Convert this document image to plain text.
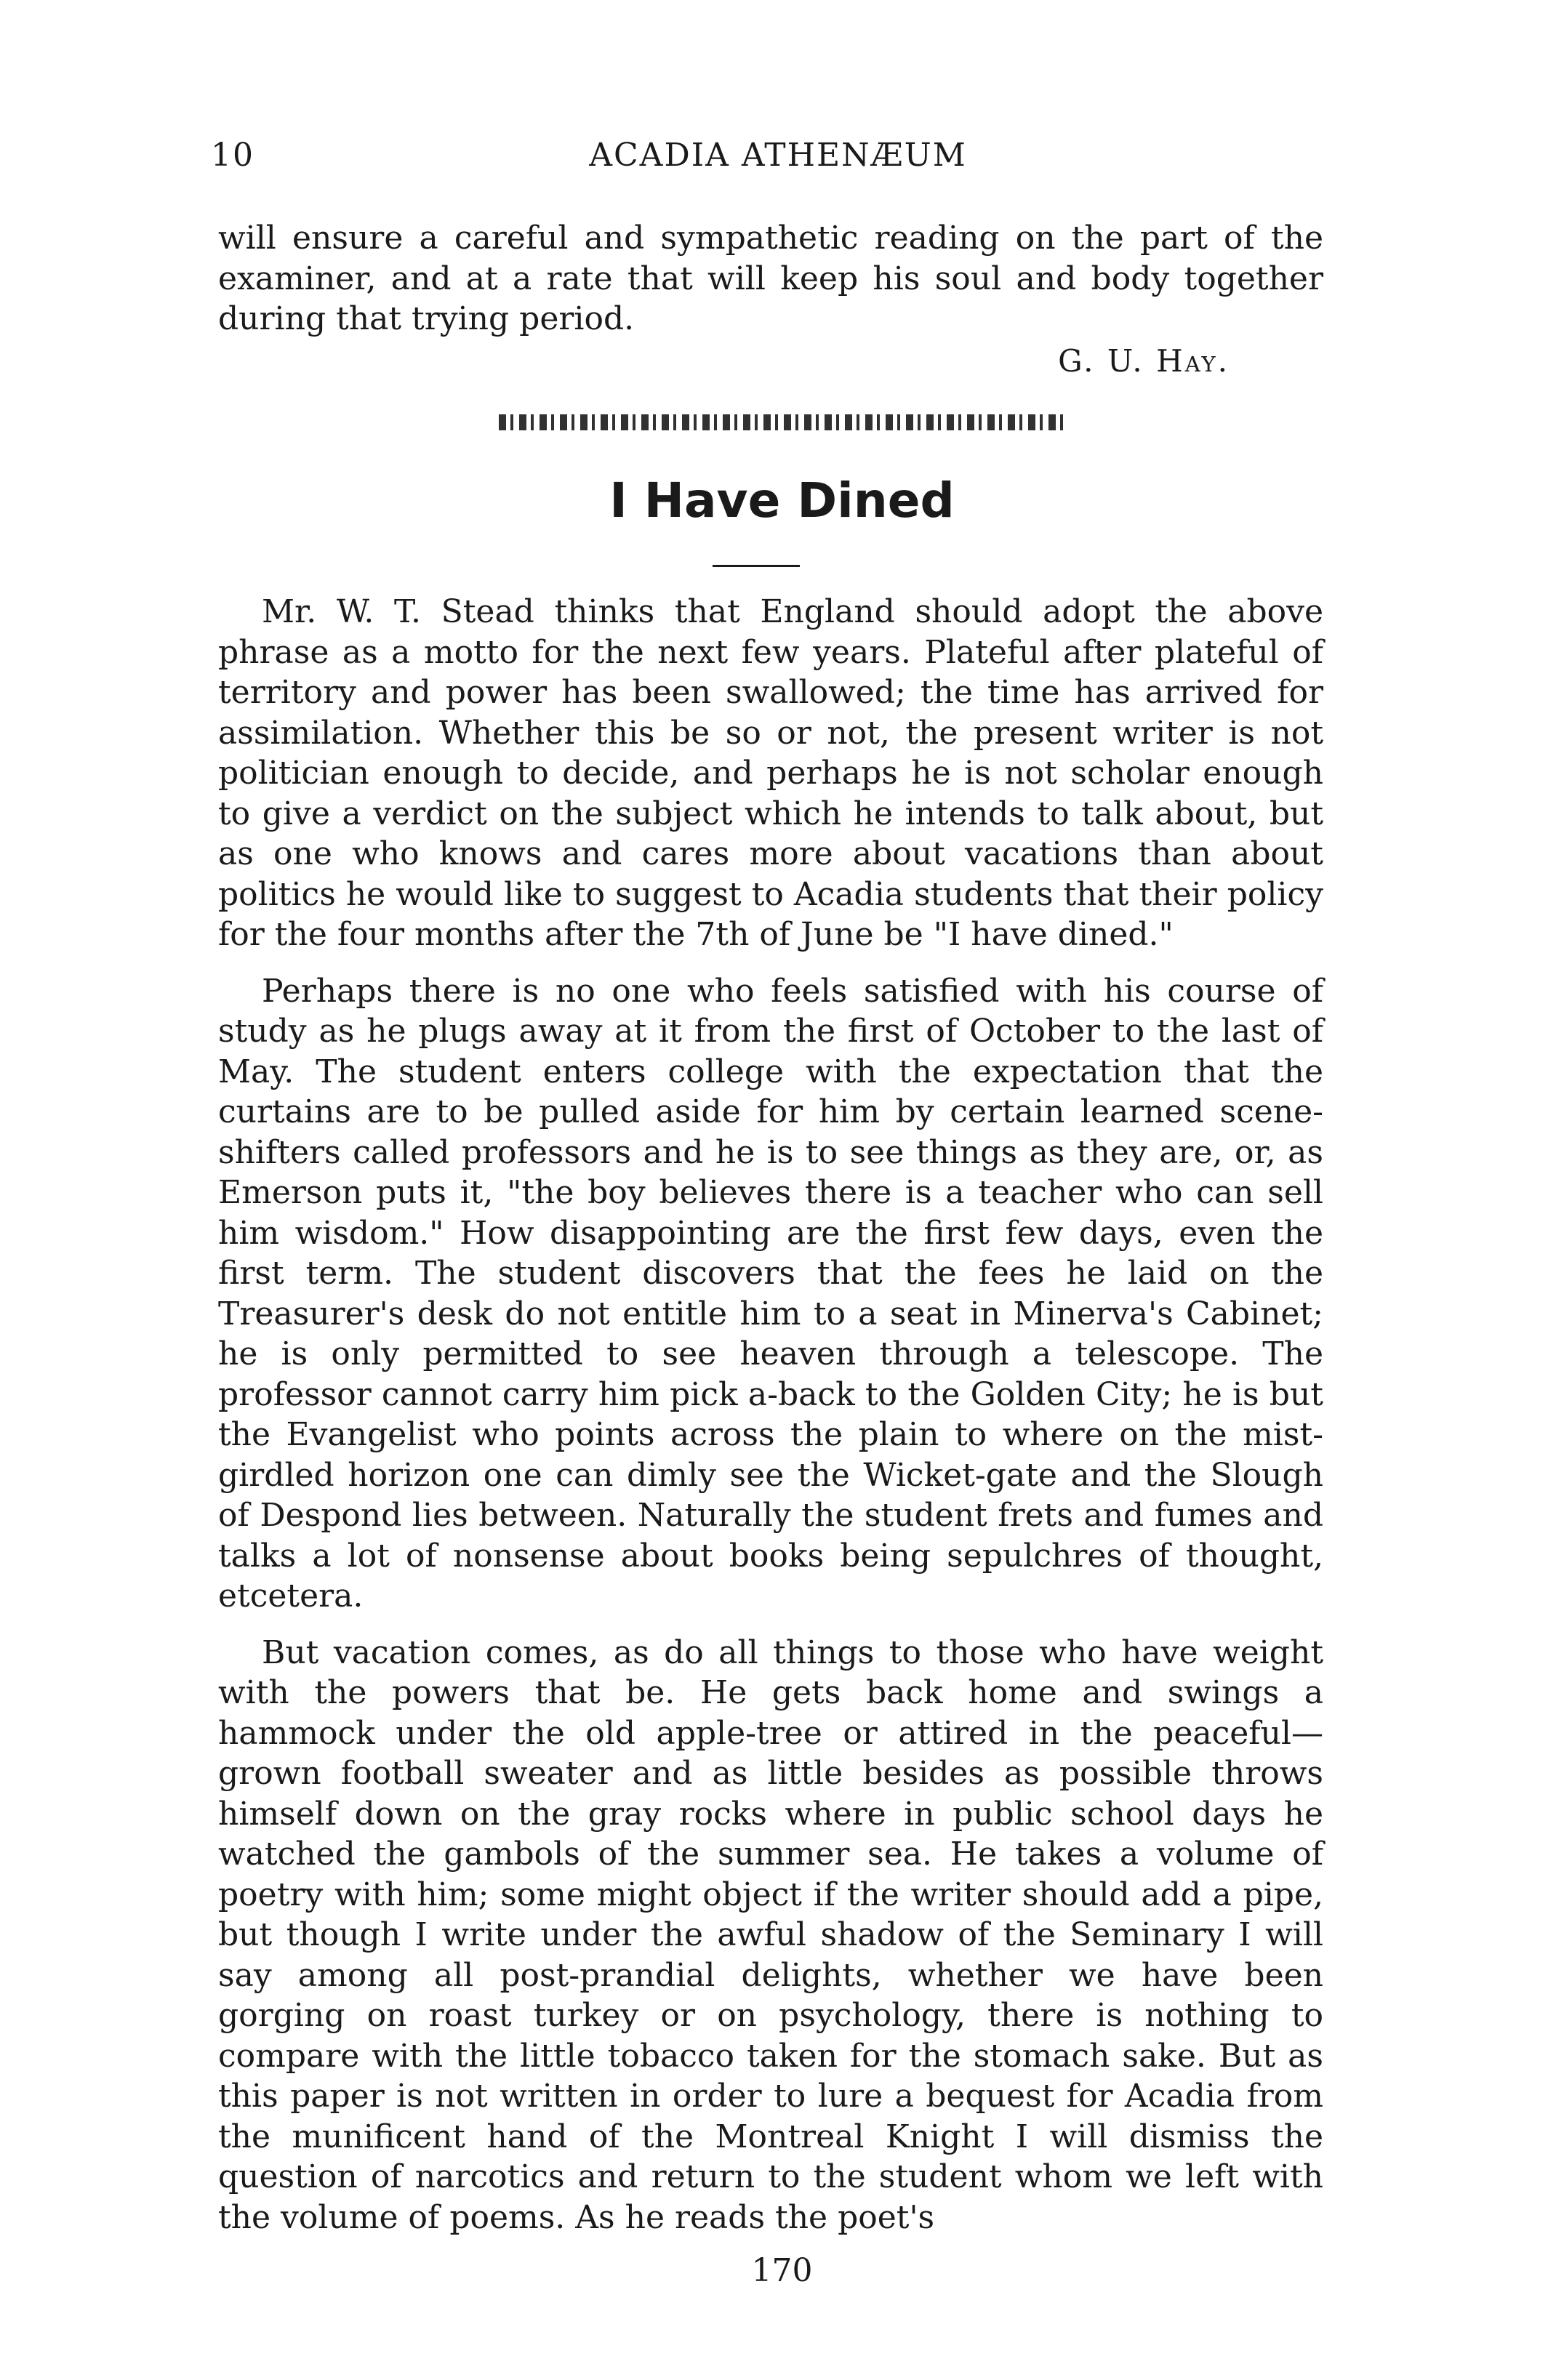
10	ACADIA ATHENÆUM

will ensure a careful and sympathetic reading on the part of the examiner, and at a rate that will keep his soul and body together during that trying period.

G. U. Hay.
I Have Dined

Mr. W. T. Stead thinks that England should adopt the above phrase as a motto for the next few years. Plateful after plateful of territory and power has been swallowed; the time has arrived for assimilation. Whether this be so or not, the present writer is not politician enough to decide, and perhaps he is not scholar enough to give a verdict on the subject which he intends to talk about, but as one who knows and cares more about vacations than about politics he would like to suggest to Acadia students that their policy for the four months after the 7th of June be "I have dined."

Perhaps there is no one who feels satisfied with his course of study as he plugs away at it from the first of October to the last of May. The student enters college with the expectation that the curtains are to be pulled aside for him by certain learned scene-shifters called professors and he is to see things as they are, or, as Emerson puts it, "the boy believes there is a teacher who can sell him wisdom." How disappointing are the first few days, even the first term. The student discovers that the fees he laid on the Treasurer's desk do not entitle him to a seat in Minerva's Cabinet; he is only permitted to see heaven through a telescope. The professor cannot carry him pick a-back to the Golden City; he is but the Evangelist who points across the plain to where on the mist-girdled horizon one can dimly see the Wicket-gate and the Slough of Despond lies between. Naturally the student frets and fumes and talks a lot of nonsense about books being sepulchres of thought, etcetera.

But vacation comes, as do all things to those who have weight with the powers that be. He gets back home and swings a hammock under the old apple-tree or attired in the peaceful—grown football sweater and as little besides as possible throws himself down on the gray rocks where in public school days he watched the gambols of the summer sea. He takes a volume of poetry with him; some might object if the writer should add a pipe, but though I write under the awful shadow of the Seminary I will say among all post-prandial delights, whether we have been gorging on roast turkey or on psychology, there is nothing to compare with the little tobacco taken for the stomach sake. But as this paper is not written in order to lure a bequest for Acadia from the munificent hand of the Montreal Knight I will dismiss the question of narcotics and return to the student whom we left with the volume of poems. As he reads the poet's

170
